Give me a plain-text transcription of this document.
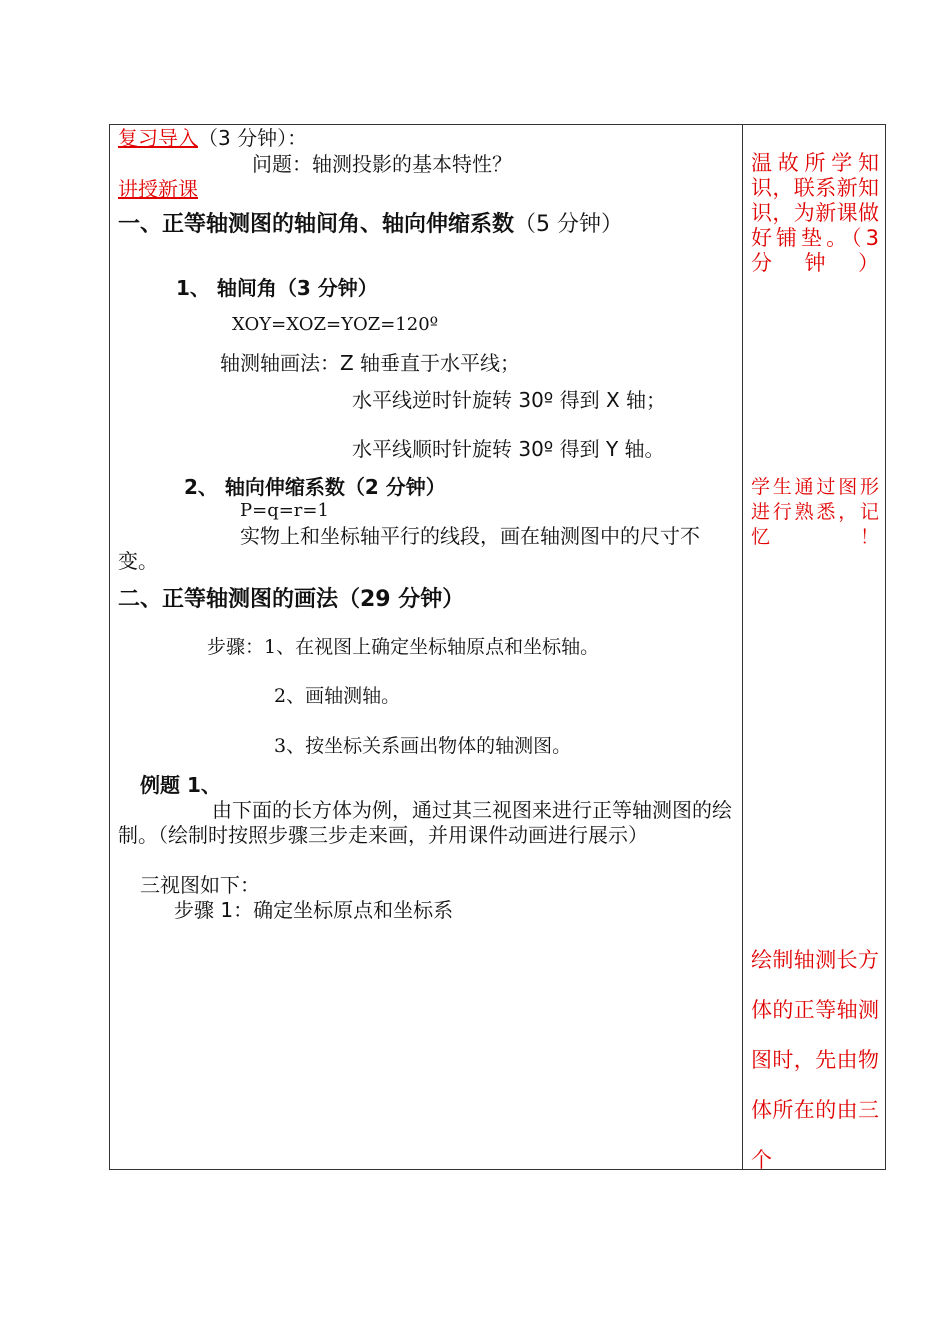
复习导入（3 分钟）：
问题：轴测投影的基本特性？
讲授新课
一、正等轴测图的轴间角、轴向伸缩系数（5 分钟）
1、 轴间角（3 分钟）
XOY=XOZ=YOZ=120º
轴测轴画法：Z 轴垂直于水平线；
水平线逆时针旋转 30º 得到 X 轴；
水平线顺时针旋转 30º 得到 Y 轴。
2、 轴向伸缩系数（2 分钟）
P=q=r=1
实物上和坐标轴平行的线段，画在轴测图中的尺寸不变。
二、正等轴测图的画法（29 分钟）
步骤：1、在视图上确定坐标轴原点和坐标轴。
2、画轴测轴。
3、按坐标关系画出物体的轴测图。
例题 1、
由下面的长方体为例，通过其三视图来进行正等轴测图的绘制。（绘制时按照步骤三步走来画，并用课件动画进行展示）
三视图如下：
步骤 1：确定坐标原点和坐标系
温故所学知识，联系新知识，为新课做好铺垫。（3 分钟）
学生通过图形进行熟悉，记忆！
绘制轴测长方体的正等轴测图时，先由物体所在的由三个
